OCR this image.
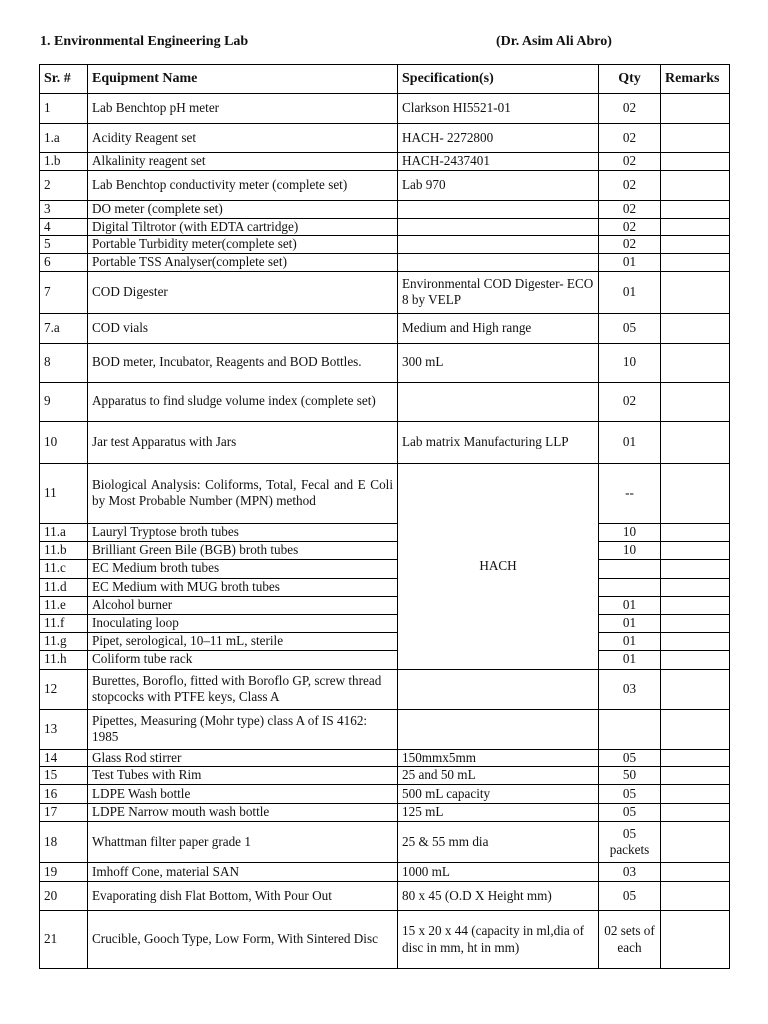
1. Environmental Engineering Lab	(Dr. Asim Ali Abro)
Sr. #	Equipment Name	Specification(s)	Qty	Remarks
1	Lab Benchtop pH meter	Clarkson HI5521-01	02	
1.a	Acidity Reagent set	HACH- 2272800	02	
1.b	Alkalinity reagent set	HACH-2437401	02	
2	Lab Benchtop conductivity meter (complete set)	Lab 970	02	
3	DO meter (complete set)		02	
4	Digital Tiltrotor (with EDTA cartridge)		02	
5	Portable Turbidity meter(complete set)		02	
6	Portable TSS Analyser(complete set)		01	
7	COD Digester	Environmental COD Digester- ECO 8 by VELP	01	
7.a	COD vials	Medium and High range	05	
8	BOD meter, Incubator, Reagents and BOD Bottles.	300 mL	10	
9	Apparatus to find sludge volume index (complete set)		02	
10	Jar test Apparatus with Jars	Lab matrix Manufacturing LLP	01	
11	Biological Analysis: Coliforms, Total, Fecal and E Coli by Most Probable Number (MPN) method	HACH	--	
11.a	Lauryl Tryptose broth tubes		10	
11.b	Brilliant Green Bile (BGB) broth tubes		10	
11.c	EC Medium broth tubes			
11.d	EC Medium with MUG broth tubes			
11.e	Alcohol burner		01	
11.f	Inoculating loop		01	
11.g	Pipet, serological, 10–11 mL, sterile		01	
11.h	Coliform tube rack		01	
12	Burettes, Boroflo, fitted with Boroflo GP, screw thread stopcocks with PTFE keys, Class A		03	
13	Pipettes, Measuring (Mohr type) class A of IS 4162: 1985			
14	Glass Rod stirrer	150mmx5mm	05	
15	Test Tubes with Rim	25 and 50 mL	50	
16	LDPE Wash bottle	500 mL capacity	05	
17	LDPE Narrow mouth wash bottle	125 mL	05	
18	Whattman filter paper grade 1	25 & 55 mm dia	05 packets	
19	Imhoff Cone, material SAN	1000 mL	03	
20	Evaporating dish Flat Bottom, With Pour Out	80 x 45 (O.D X Height mm)	05	
21	Crucible, Gooch Type, Low Form, With Sintered Disc	15 x 20 x 44 (capacity in ml,dia of disc in mm, ht in mm)	02 sets of each	
